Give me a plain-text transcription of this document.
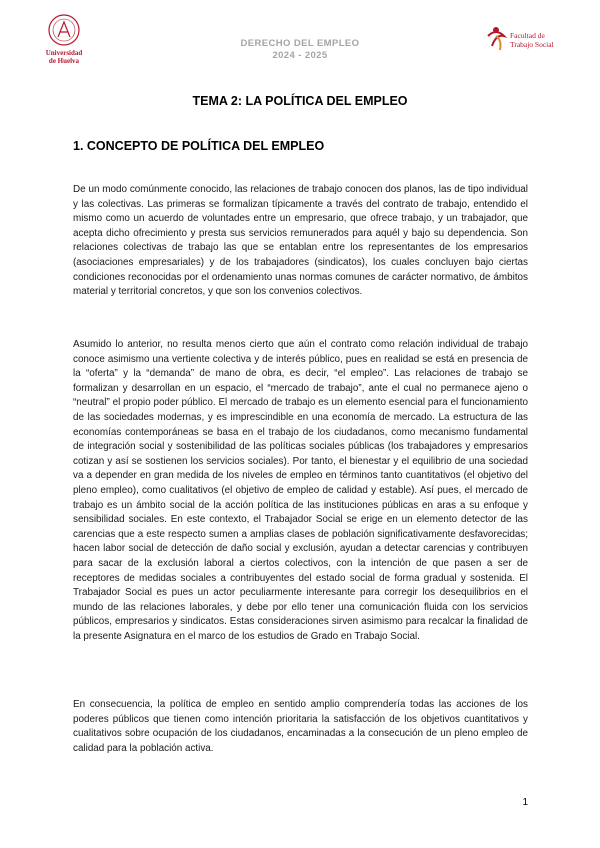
Universidad
de Huelva
DERECHO DEL EMPLEO
2024 - 2025
Facultad de
Trabajo Social
TEMA 2: LA POLÍTICA DEL EMPLEO
1. CONCEPTO DE POLÍTICA DEL EMPLEO

De un modo comúnmente conocido, las relaciones de trabajo conocen dos planos, las de tipo individual y las colectivas. Las primeras se formalizan típicamente a través del contrato de trabajo, entendido el mismo como un acuerdo de voluntades entre un empresario, que ofrece trabajo, y un trabajador, que acepta dicho ofrecimiento y presta sus servicios remunerados para aquél y bajo su dependencia. Son relaciones colectivas de trabajo las que se entablan entre los representantes de los empresarios (asociaciones empresariales) y de los trabajadores (sindicatos), los cuales concluyen bajo ciertas condiciones reconocidas por el ordenamiento unas normas comunes de carácter normativo, de ámbitos material y territorial concretos, y que son los convenios colectivos.

Asumido lo anterior, no resulta menos cierto que aún el contrato como relación individual de trabajo conoce asimismo una vertiente colectiva y de interés público, pues en realidad se está en presencia de la “oferta” y la “demanda” de mano de obra, es decir, “el empleo”. Las relaciones de trabajo se formalizan y desarrollan en un espacio, el “mercado de trabajo”, ante el cual no permanece ajeno o “neutral” el propio poder público. El mercado de trabajo es un elemento esencial para el funcionamiento de las sociedades modernas, y es imprescindible en una economía de mercado. La estructura de las economías contemporáneas se basa en el trabajo de los ciudadanos, como mecanismo fundamental de integración social y sostenibilidad de las políticas sociales públicas (los trabajadores y empresarios cotizan y así se sostienen los servicios sociales). Por tanto, el bienestar y el equilibrio de una sociedad va a depender en gran medida de los niveles de empleo en términos tanto cuantitativos (el objetivo del pleno empleo), como cualitativos (el objetivo de empleo de calidad y estable). Así pues, el mercado de trabajo es un ámbito social de la acción política de las instituciones públicas en aras a su enfoque y sensibilidad sociales. En este contexto, el Trabajador Social se erige en un elemento detector de las carencias que a este respecto sumen a amplias clases de población significativamente desfavorecidas; hacen labor social de detección de daño social y exclusión, ayudan a detectar carencias y contribuyen para sacar de la exclusión laboral a ciertos colectivos, con la intención de que pasen a ser de receptores de medidas sociales a contribuyentes del estado social de forma gradual y sostenida. El Trabajador Social es pues un actor peculiarmente interesante para corregir los desequilibrios en el mundo de las relaciones laborales, y debe por ello tener una comunicación fluida con los servicios públicos, empresarios y sindicatos. Estas consideraciones sirven asimismo para recalcar la finalidad de la presente Asignatura en el marco de los estudios de Grado en Trabajo Social.

En consecuencia, la política de empleo en sentido amplio comprendería todas las acciones de los poderes públicos que tienen como intención prioritaria la satisfacción de los objetivos cuantitativos y cualitativos sobre ocupación de los ciudadanos, encaminadas a la consecución de un pleno empleo de calidad para la población activa.

1
